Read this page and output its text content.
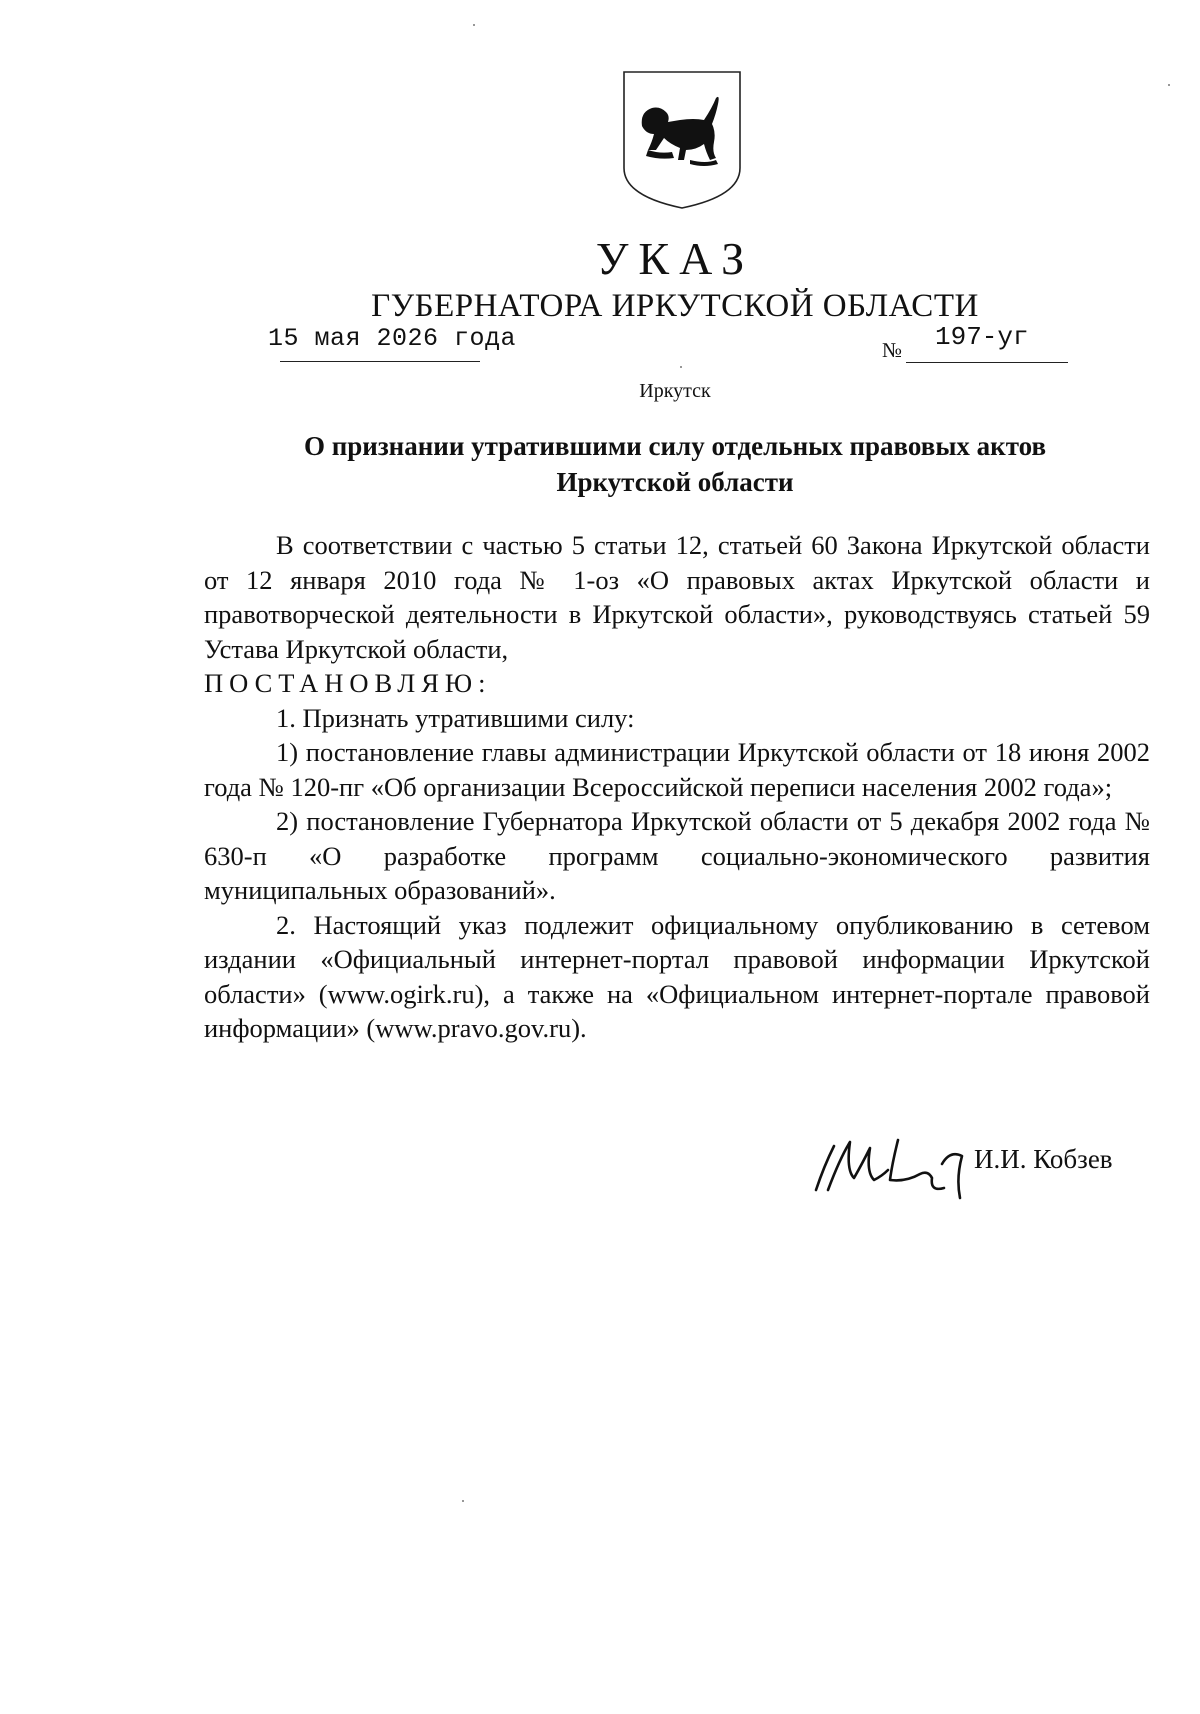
УКАЗ
ГУБЕРНАТОРА ИРКУТСКОЙ ОБЛАСТИ
15 мая 2026 года	№ 197-уг
Иркутск
О признании утратившими силу отдельных правовых актов
Иркутской области

В соответствии с частью 5 статьи 12, статьей 60 Закона Иркутской области от 12 января 2010 года № 1-оз «О правовых актах Иркутской области и правотворческой деятельности в Иркутской области», руководствуясь статьей 59 Устава Иркутской области,

ПОСТАНОВЛЯЮ:

1. Признать утратившими силу:

1) постановление главы администрации Иркутской области от 18 июня 2002 года № 120-пг «Об организации Всероссийской переписи населения 2002 года»;

2) постановление Губернатора Иркутской области от 5 декабря 2002 года № 630-п «О разработке программ социально-экономического развития муниципальных образований».

2. Настоящий указ подлежит официальному опубликованию в сетевом издании «Официальный интернет-портал правовой информации Иркутской области» (www.ogirk.ru), а также на «Официальном интернет-портале правовой информации» (www.pravo.gov.ru).

И.И. Кобзев
